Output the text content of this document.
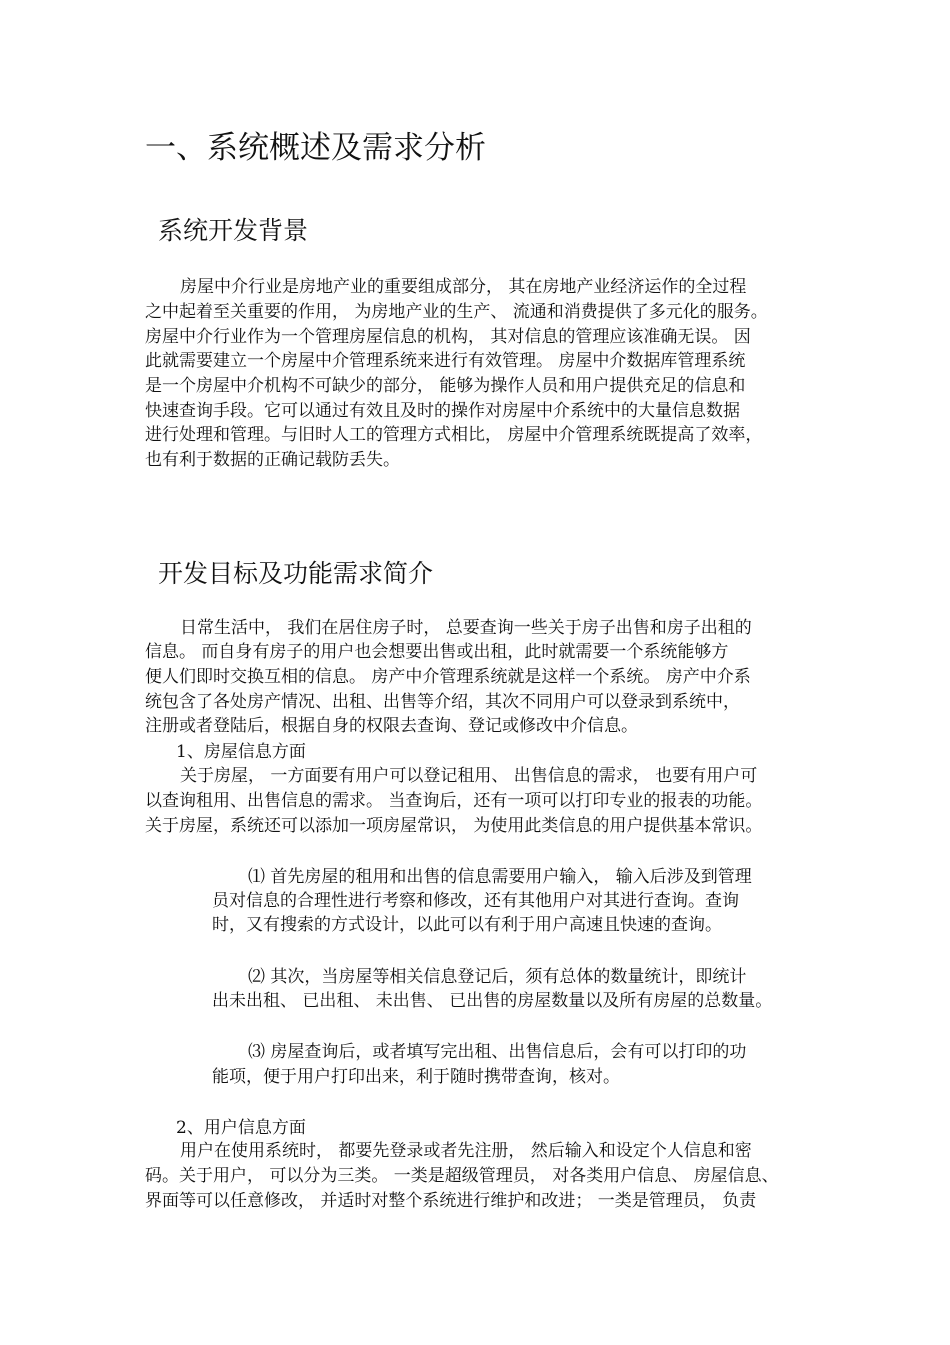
一、系统概述及需求分析
系统开发背景
房屋中介行业是房地产业的重要组成部分， 其在房地产业经济运作的全过程
之中起着至关重要的作用， 为房地产业的生产、 流通和消费提供了多元化的服务。
房屋中介行业作为一个管理房屋信息的机构， 其对信息的管理应该准确无误。 因
此就需要建立一个房屋中介管理系统来进行有效管理。 房屋中介数据库管理系统
是一个房屋中介机构不可缺少的部分， 能够为操作人员和用户提供充足的信息和
快速查询手段。它可以通过有效且及时的操作对房屋中介系统中的大量信息数据
进行处理和管理。与旧时人工的管理方式相比， 房屋中介管理系统既提高了效率，
也有利于数据的正确记载防丢失。
开发目标及功能需求简介
日常生活中， 我们在居住房子时， 总要查询一些关于房子出售和房子出租的
信息。 而自身有房子的用户也会想要出售或出租，此时就需要一个系统能够方
便人们即时交换互相的信息。 房产中介管理系统就是这样一个系统。 房产中介系
统包含了各处房产情况、出租、出售等介绍，其次不同用户可以登录到系统中，
注册或者登陆后，根据自身的权限去查询、登记或修改中介信息。
1、房屋信息方面
关于房屋， 一方面要有用户可以登记租用、 出售信息的需求， 也要有用户可
以查询租用、出售信息的需求。 当查询后，还有一项可以打印专业的报表的功能。
关于房屋，系统还可以添加一项房屋常识， 为使用此类信息的用户提供基本常识。
⑴ 首先房屋的租用和出售的信息需要用户输入， 输入后涉及到管理
员对信息的合理性进行考察和修改，还有其他用户对其进行查询。查询
时，又有搜索的方式设计，以此可以有利于用户高速且快速的查询。
⑵ 其次，当房屋等相关信息登记后，须有总体的数量统计，即统计
出未出租、 已出租、 未出售、 已出售的房屋数量以及所有房屋的总数量。
⑶ 房屋查询后，或者填写完出租、出售信息后，会有可以打印的功
能项，便于用户打印出来，利于随时携带查询，核对。
2、用户信息方面
用户在使用系统时， 都要先登录或者先注册， 然后输入和设定个人信息和密
码。关于用户， 可以分为三类。 一类是超级管理员， 对各类用户信息、 房屋信息、
界面等可以任意修改， 并适时对整个系统进行维护和改进； 一类是管理员， 负责
